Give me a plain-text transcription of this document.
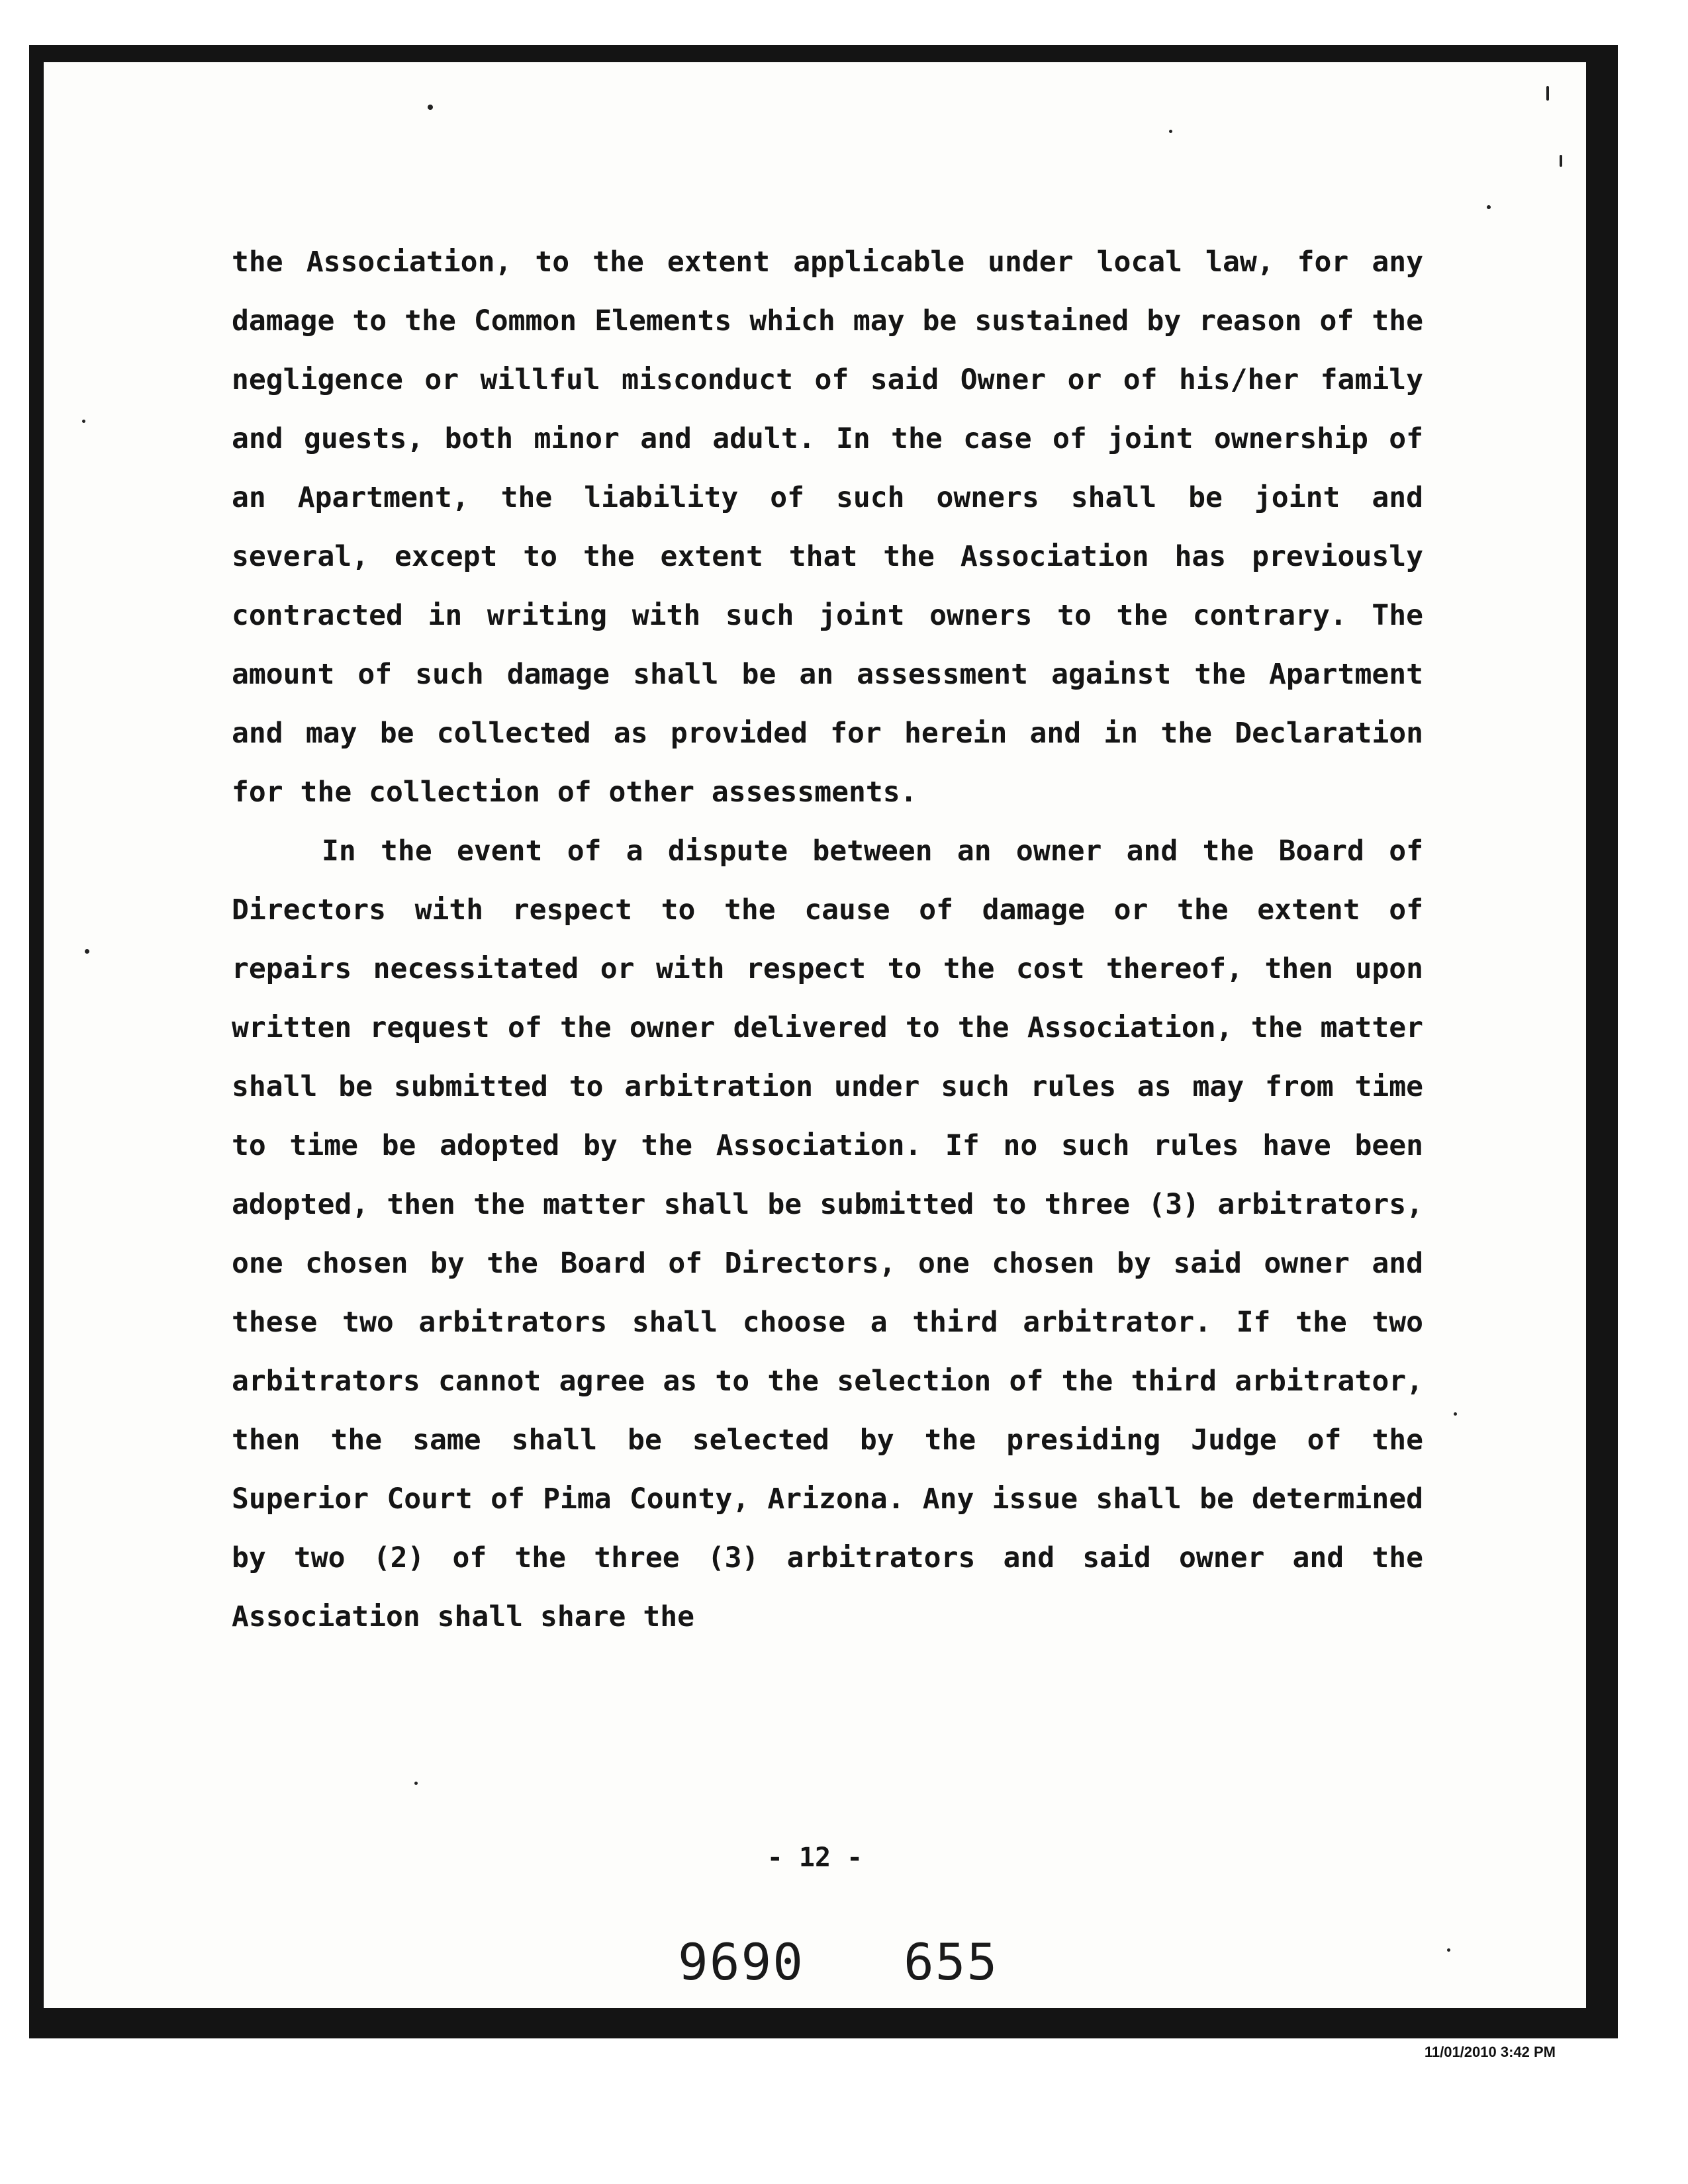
the Association, to the extent applicable under local law, for any damage to the Common Elements which may be sustained by reason of the negligence or willful misconduct of said Owner or of his/her family and guests, both minor and adult. In the case of joint ownership of an Apartment, the liability of such owners shall be joint and several, except to the extent that the Association has previously contracted in writing with such joint owners to the contrary. The amount of such damage shall be an assessment against the Apartment and may be collected as provided for herein and in the Declaration for the collection of other assessments.

In the event of a dispute between an owner and the Board of Directors with respect to the cause of damage or the extent of repairs necessitated or with respect to the cost thereof, then upon written request of the owner delivered to the Association, the matter shall be submitted to arbitration under such rules as may from time to time be adopted by the Association. If no such rules have been adopted, then the matter shall be submitted to three (3) arbitrators, one chosen by the Board of Directors, one chosen by said owner and these two arbitrators shall choose a third arbitrator. If the two arbitrators cannot agree as to the selection of the third arbitrator, then the same shall be selected by the presiding Judge of the Superior Court of Pima County, Arizona. Any issue shall be determined by two (2) of the three (3) arbitrators and said owner and the Association shall share the

- 12 -
9690 655
11/01/2010 3:42 PM
